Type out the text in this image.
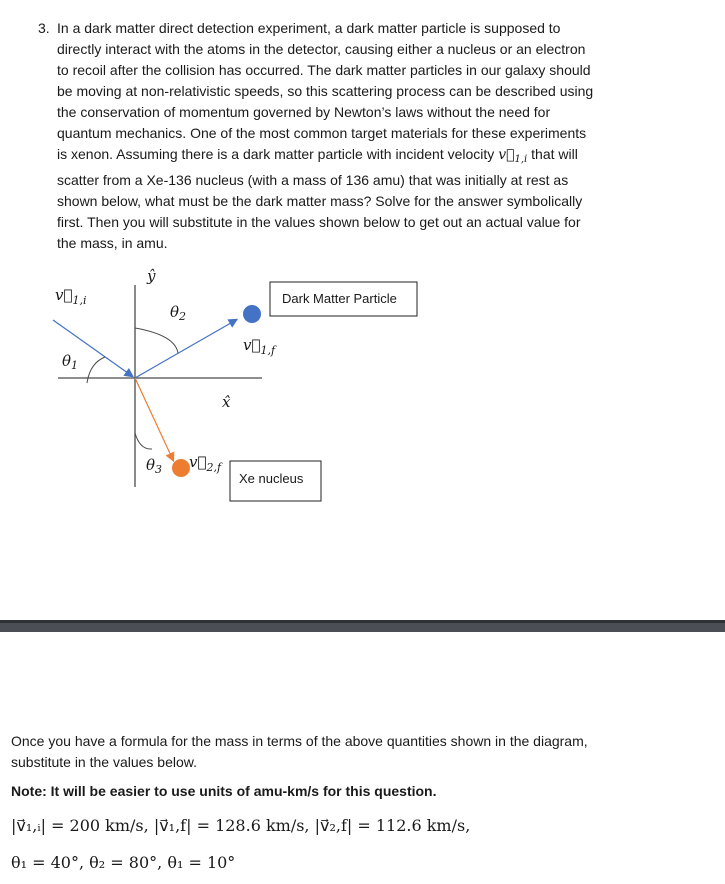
3. In a dark matter direct detection experiment, a dark matter particle is supposed to
directly interact with the atoms in the detector, causing either a nucleus or an electron
to recoil after the collision has occurred. The dark matter particles in our galaxy should
be moving at non-relativistic speeds, so this scattering process can be described using
the conservation of momentum governed by Newton’s laws without the need for
quantum mechanics. One of the most common target materials for these experiments
is xenon. Assuming there is a dark matter particle with incident velocity $v⃗_{1,i}$ that will
scatter from a Xe-136 nucleus (with a mass of 136 amu) that was initially at rest as
shown below, what must be the dark matter mass? Solve for the answer symbolically
first. Then you will substitute in the values shown below to get out an actual value for
the mass, in amu.
ŷ
x̂
$v⃗_{1,i}$
$v⃗_{1,f}$
$v⃗_{2,f}$
$\theta_1$
$\theta_2$
$\theta_3$
Dark Matter Particle
Xe nucleus
Once you have a formula for the mass in terms of the above quantities shown in the diagram,
substitute in the values below.
Note: It will be easier to use units of amu-km/s for this question.
|v⃗₁,ᵢ| = 200 km/s, |v⃗₁,f| = 128.6 km/s, |v⃗₂,f| = 112.6 km/s,
θ₁ = 40°, θ₂ = 80°, θ₁ = 10°
